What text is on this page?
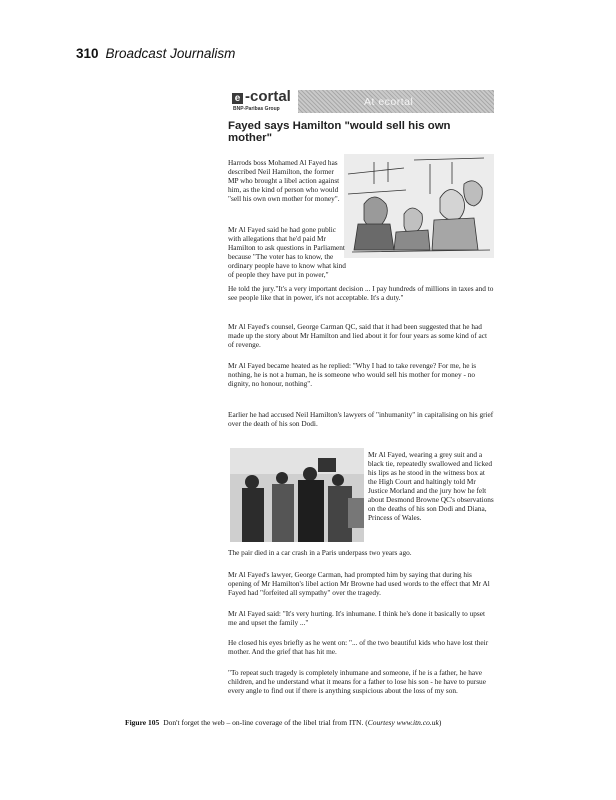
310 Broadcast Journalism
e -cortal
BNP-Paribas Group
At ecortal
Fayed says Hamilton "would sell his own mother"

Harrods boss Mohamed Al Fayed has described Neil Hamilton, the former MP who brought a libel action against him, as the kind of person who would "sell his own own mother for money".

Mr Al Fayed said he had gone public with allegations that he'd paid Mr Hamilton to ask questions in Parliament because "The voter has to know, the ordinary people have to know what kind of people they have put in power,"

He told the jury."It's a very important decision ... I pay hundreds of millions in taxes and to see people like that in power, it's not acceptable. It's a duty."

Mr Al Fayed's counsel, George Carman QC, said that it had been suggested that he had made up the story about Mr Hamilton and lied about it for four years as some kind of act of revenge.

Mr Al Fayed became heated as he replied: "Why I had to take revenge? For me, he is nothing, he is not a human, he is someone who would sell his mother for money - no dignity, no honour, nothing".

Earlier he had accused Neil Hamilton's lawyers of "inhumanity" in capitalising on his grief over the death of his son Dodi.

Mr Al Fayed, wearing a grey suit and a black tie, repeatedly swallowed and licked his lips as he stood in the witness box at the High Court and haltingly told Mr Justice Morland and the jury how he felt about Desmond Browne QC's observations on the deaths of his son Dodi and Diana, Princess of Wales.

The pair died in a car crash in a Paris underpass two years ago.

Mr Al Fayed's lawyer, George Carman, had prompted him by saying that during his opening of Mr Hamilton's libel action Mr Browne had used words to the effect that Mr Al Fayed had "forfeited all sympathy" over the tragedy.

Mr Al Fayed said: "It's very hurting. It's inhumane. I think he's done it basically to upset me and upset the family ..."

He closed his eyes briefly as he went on: "... of the two beautiful kids who have lost their mother. And the grief that has hit me.

"To repeat such tragedy is completely inhumane and someone, if he is a father, he have children, and he understand what it means for a father to lose his son - he have to pursue every angle to find out if there is anything suspicious about the loss of my son.

Figure 105 Don't forget the web – on-line coverage of the libel trial from ITN. (Courtesy www.itn.co.uk)
